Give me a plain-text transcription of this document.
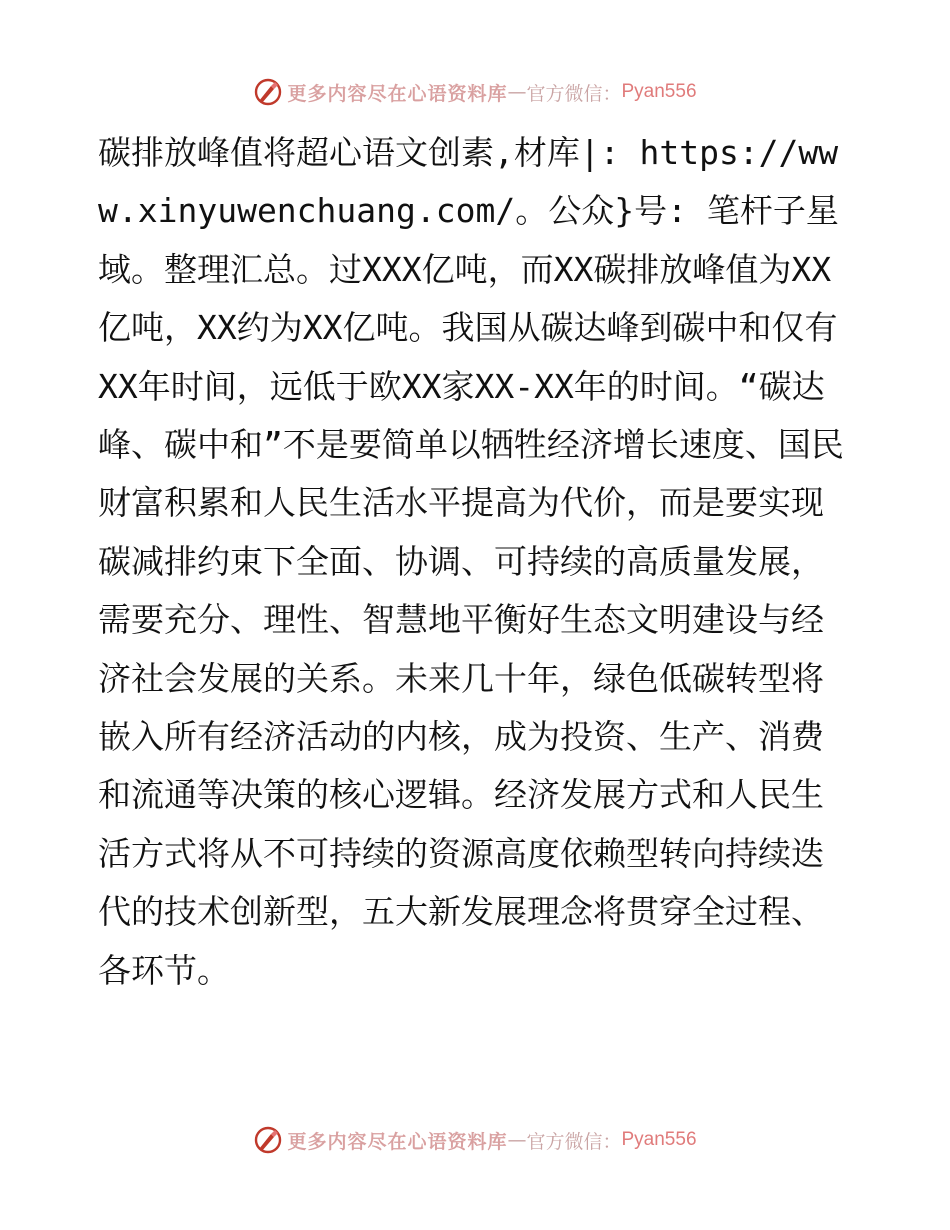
更多内容尽在心语资料库 — 官方微信： Pyan556

碳排放峰值将超心语文创素,材库|: https://www.xinyuwenchuang.com/。公众}号: 笔杆子星域。整理汇总。过XXX亿吨，而XX碳排放峰值为XX亿吨，XX约为XX亿吨。我国从碳达峰到碳中和仅有XX年时间，远低于欧XX家XX-XX年的时间。“碳达峰、碳中和”不是要简单以牺牲经济增长速度、国民财富积累和人民生活水平提高为代价，而是要实现碳减排约束下全面、协调、可持续的高质量发展，需要充分、理性、智慧地平衡好生态文明建设与经济社会发展的关系。未来几十年，绿色低碳转型将嵌入所有经济活动的内核，成为投资、生产、消费和流通等决策的核心逻辑。经济发展方式和人民生活方式将从不可持续的资源高度依赖型转向持续迭代的技术创新型，五大新发展理念将贯穿全过程、各环节。

更多内容尽在心语资料库 — 官方微信： Pyan556
